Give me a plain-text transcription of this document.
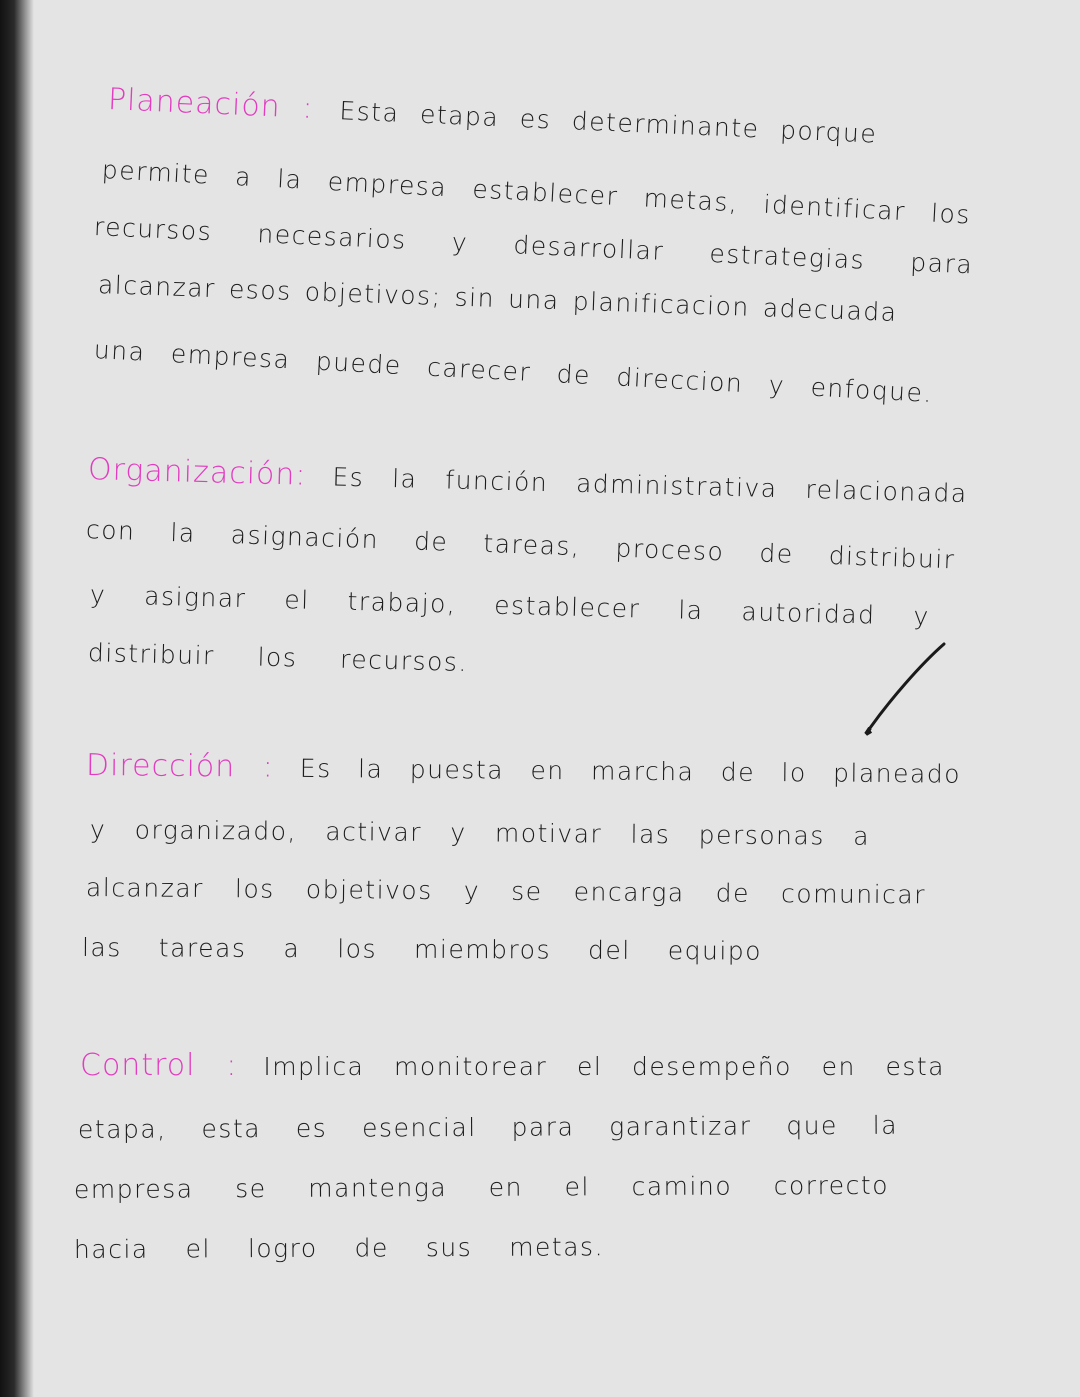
Planeación : Esta etapa es determinante porque
permite a la empresa establecer metas, identificar los
recursos necesarios y desarrollar estrategias para
alcanzar esos objetivos; sin una planificacion adecuada
una empresa puede carecer de direccion y enfoque.
Organización: Es la función administrativa relacionada
con la asignación de tareas, proceso de distribuir
y asignar el trabajo, establecer la autoridad y
distribuir los recursos.
Dirección : Es la puesta en marcha de lo planeado
y organizado, activar y motivar las personas a
alcanzar los objetivos y se encarga de comunicar
las tareas a los miembros del equipo
Control : Implica monitorear el desempeño en esta
etapa, esta es esencial para garantizar que la
empresa se mantenga en el camino correcto
hacia el logro de sus metas.
